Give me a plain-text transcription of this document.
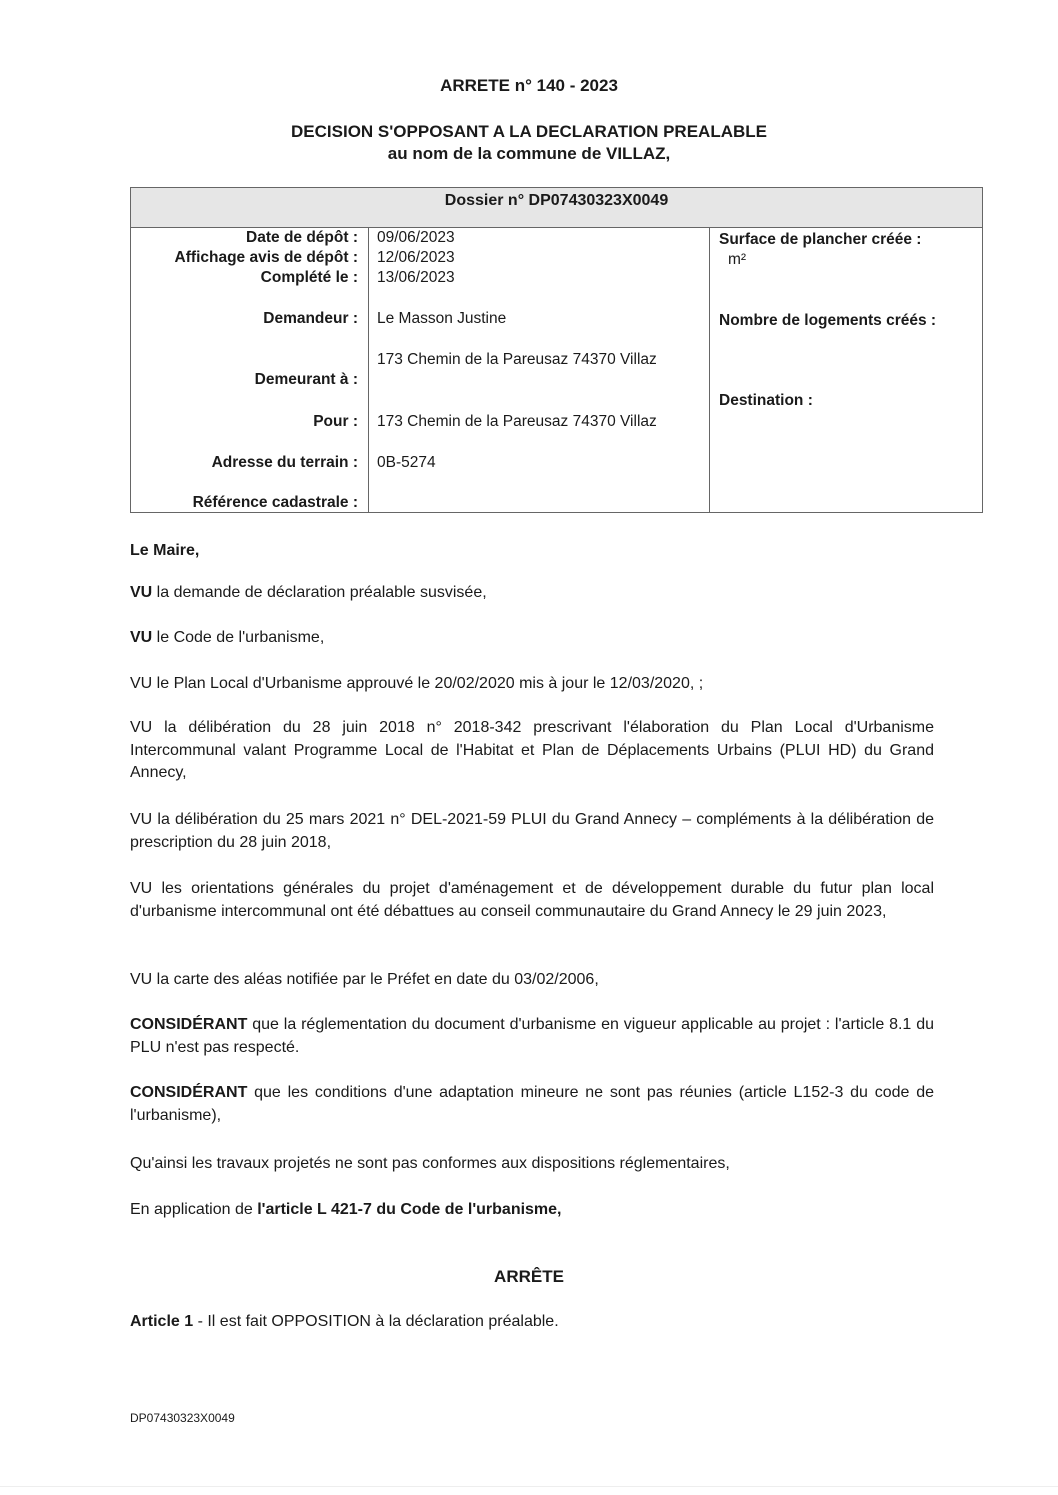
ARRETE n° 140 - 2023
DECISION S'OPPOSANT A LA DECLARATION PREALABLE
au nom de la commune de VILLAZ,
Dossier n° DP07430323X0049
Date de dépôt :
Affichage avis de dépôt :
Complété le :
Demandeur :
Demeurant à :
Pour :
Adresse du terrain :
Référence cadastrale :
09/06/2023
12/06/2023
13/06/2023
Le Masson Justine
173 Chemin de la Pareusaz 74370 Villaz
173 Chemin de la Pareusaz 74370 Villaz
0B-5274
Surface de plancher créée :
m²
Nombre de logements créés :
Destination :
Le Maire,
VU la demande de déclaration préalable susvisée,
VU le Code de l'urbanisme,
VU le Plan Local d'Urbanisme approuvé le 20/02/2020 mis à jour le 12/03/2020, ;
VU la délibération du 28 juin 2018 n° 2018-342 prescrivant l'élaboration du Plan Local d'Urbanisme Intercommunal valant Programme Local de l'Habitat et Plan de Déplacements Urbains (PLUI HD) du Grand Annecy,
VU la délibération du 25 mars 2021 n° DEL-2021-59 PLUI du Grand Annecy – compléments à la délibération de prescription du 28 juin 2018,
VU les orientations générales du projet d'aménagement et de développement durable du futur plan local d'urbanisme intercommunal ont été débattues au conseil communautaire du Grand Annecy le 29 juin 2023,
VU la carte des aléas notifiée par le Préfet en date du 03/02/2006,
CONSIDÉRANT que la réglementation du document d'urbanisme en vigueur applicable au projet : l'article 8.1 du PLU n'est pas respecté.
CONSIDÉRANT que les conditions d'une adaptation mineure ne sont pas réunies (article L152-3 du code de l'urbanisme),
Qu'ainsi les travaux projetés ne sont pas conformes aux dispositions réglementaires,
En application de l'article L 421-7 du Code de l'urbanisme,
ARRÊTE
Article 1 - Il est fait OPPOSITION à la déclaration préalable.
DP07430323X0049
